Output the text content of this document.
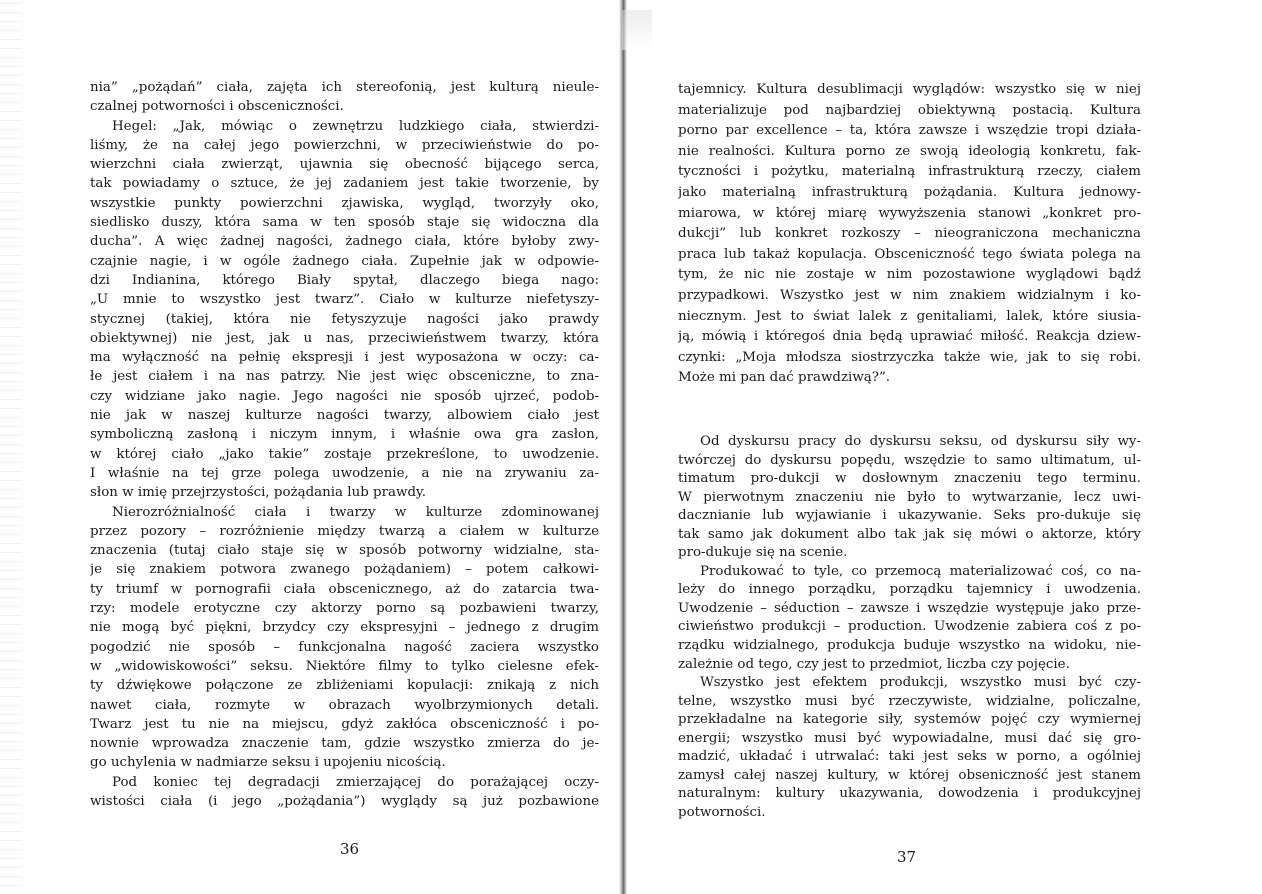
nia” „pożądań” ciała, zajęta ich stereofonią, jest kulturą nieule-
czalnej potworności i obsceniczności.
Hegel: „Jak, mówiąc o zewnętrzu ludzkiego ciała, stwierdzi-
liśmy, że na całej jego powierzchni, w przeciwieństwie do po-
wierzchni ciała zwierząt, ujawnia się obecność bijącego serca,
tak powiadamy o sztuce, że jej zadaniem jest takie tworzenie, by
wszystkie punkty powierzchni zjawiska, wygląd, tworzyły oko,
siedlisko duszy, która sama w ten sposób staje się widoczna dla
ducha”. A więc żadnej nagości, żadnego ciała, które byłoby zwy-
czajnie nagie, i w ogóle żadnego ciała. Zupełnie jak w odpowie-
dzi Indianina, którego Biały spytał, dlaczego biega nago:
„U mnie to wszystko jest twarz”. Ciało w kulturze niefetyszy-
stycznej (takiej, która nie fetyszyzuje nagości jako prawdy
obiektywnej) nie jest, jak u nas, przeciwieństwem twarzy, która
ma wyłączność na pełnię ekspresji i jest wyposażona w oczy: ca-
łe jest ciałem i na nas patrzy. Nie jest więc obsceniczne, to zna-
czy widziane jako nagie. Jego nagości nie sposób ujrzeć, podob-
nie jak w naszej kulturze nagości twarzy, albowiem ciało jest
symboliczną zasłoną i niczym innym, i właśnie owa gra zasłon,
w której ciało „jako takie” zostaje przekreślone, to uwodzenie.
I właśnie na tej grze polega uwodzenie, a nie na zrywaniu za-
słon w imię przejrzystości, pożądania lub prawdy.
Nierozróżnialność ciała i twarzy w kulturze zdominowanej
przez pozory – rozróżnienie między twarzą a ciałem w kulturze
znaczenia (tutaj ciało staje się w sposób potworny widzialne, sta-
je się znakiem potwora zwanego pożądaniem) – potem całkowi-
ty triumf w pornografii ciała obscenicznego, aż do zatarcia twa-
rzy: modele erotyczne czy aktorzy porno są pozbawieni twarzy,
nie mogą być piękni, brzydcy czy ekspresyjni – jednego z drugim
pogodzić nie sposób – funkcjonalna nagość zaciera wszystko
w „widowiskowości” seksu. Niektóre filmy to tylko cielesne efek-
ty dźwiękowe połączone ze zbliżeniami kopulacji: znikają z nich
nawet ciała, rozmyte w obrazach wyolbrzymionych detali.
Twarz jest tu nie na miejscu, gdyż zakłóca obsceniczność i po-
nownie wprowadza znaczenie tam, gdzie wszystko zmierza do je-
go uchylenia w nadmiarze seksu i upojeniu nicością.
Pod koniec tej degradacji zmierzającej do porażającej oczy-
wistości ciała (i jego „pożądania”) wyglądy są już pozbawione
36
tajemnicy. Kultura desublimacji wyglądów: wszystko się w niej
materializuje pod najbardziej obiektywną postacią. Kultura
porno par excellence – ta, która zawsze i wszędzie tropi działa-
nie realności. Kultura porno ze swoją ideologią konkretu, fak-
tyczności i pożytku, materialną infrastrukturą rzeczy, ciałem
jako materialną infrastrukturą pożądania. Kultura jednowy-
miarowa, w której miarę wywyższenia stanowi „konkret pro-
dukcji” lub konkret rozkoszy – nieograniczona mechaniczna
praca lub takaż kopulacja. Obsceniczność tego świata polega na
tym, że nic nie zostaje w nim pozostawione wyglądowi bądź
przypadkowi. Wszystko jest w nim znakiem widzialnym i ko-
niecznym. Jest to świat lalek z genitaliami, lalek, które siusia-
ją, mówią i któregoś dnia będą uprawiać miłość. Reakcja dziew-
czynki: „Moja młodsza siostrzyczka także wie, jak to się robi.
Może mi pan dać prawdziwą?”.
Od dyskursu pracy do dyskursu seksu, od dyskursu siły wy-
twórczej do dyskursu popędu, wszędzie to samo ultimatum, ul-
timatum pro-dukcji w dosłownym znaczeniu tego terminu.
W pierwotnym znaczeniu nie było to wytwarzanie, lecz uwi-
dacznianie lub wyjawianie i ukazywanie. Seks pro-dukuje się
tak samo jak dokument albo tak jak się mówi o aktorze, który
pro-dukuje się na scenie.
Produkować to tyle, co przemocą materializować coś, co na-
leży do innego porządku, porządku tajemnicy i uwodzenia.
Uwodzenie – séduction – zawsze i wszędzie występuje jako prze-
ciwieństwo produkcji – production. Uwodzenie zabiera coś z po-
rządku widzialnego, produkcja buduje wszystko na widoku, nie-
zależnie od tego, czy jest to przedmiot, liczba czy pojęcie.
Wszystko jest efektem produkcji, wszystko musi być czy-
telne, wszystko musi być rzeczywiste, widzialne, policzalne,
przekładalne na kategorie siły, systemów pojęć czy wymiernej
energii; wszystko musi być wypowiadalne, musi dać się gro-
madzić, układać i utrwalać: taki jest seks w porno, a ogólniej
zamysł całej naszej kultury, w której obseniczność jest stanem
naturalnym: kultury ukazywania, dowodzenia i produkcyjnej
potworności.
37
